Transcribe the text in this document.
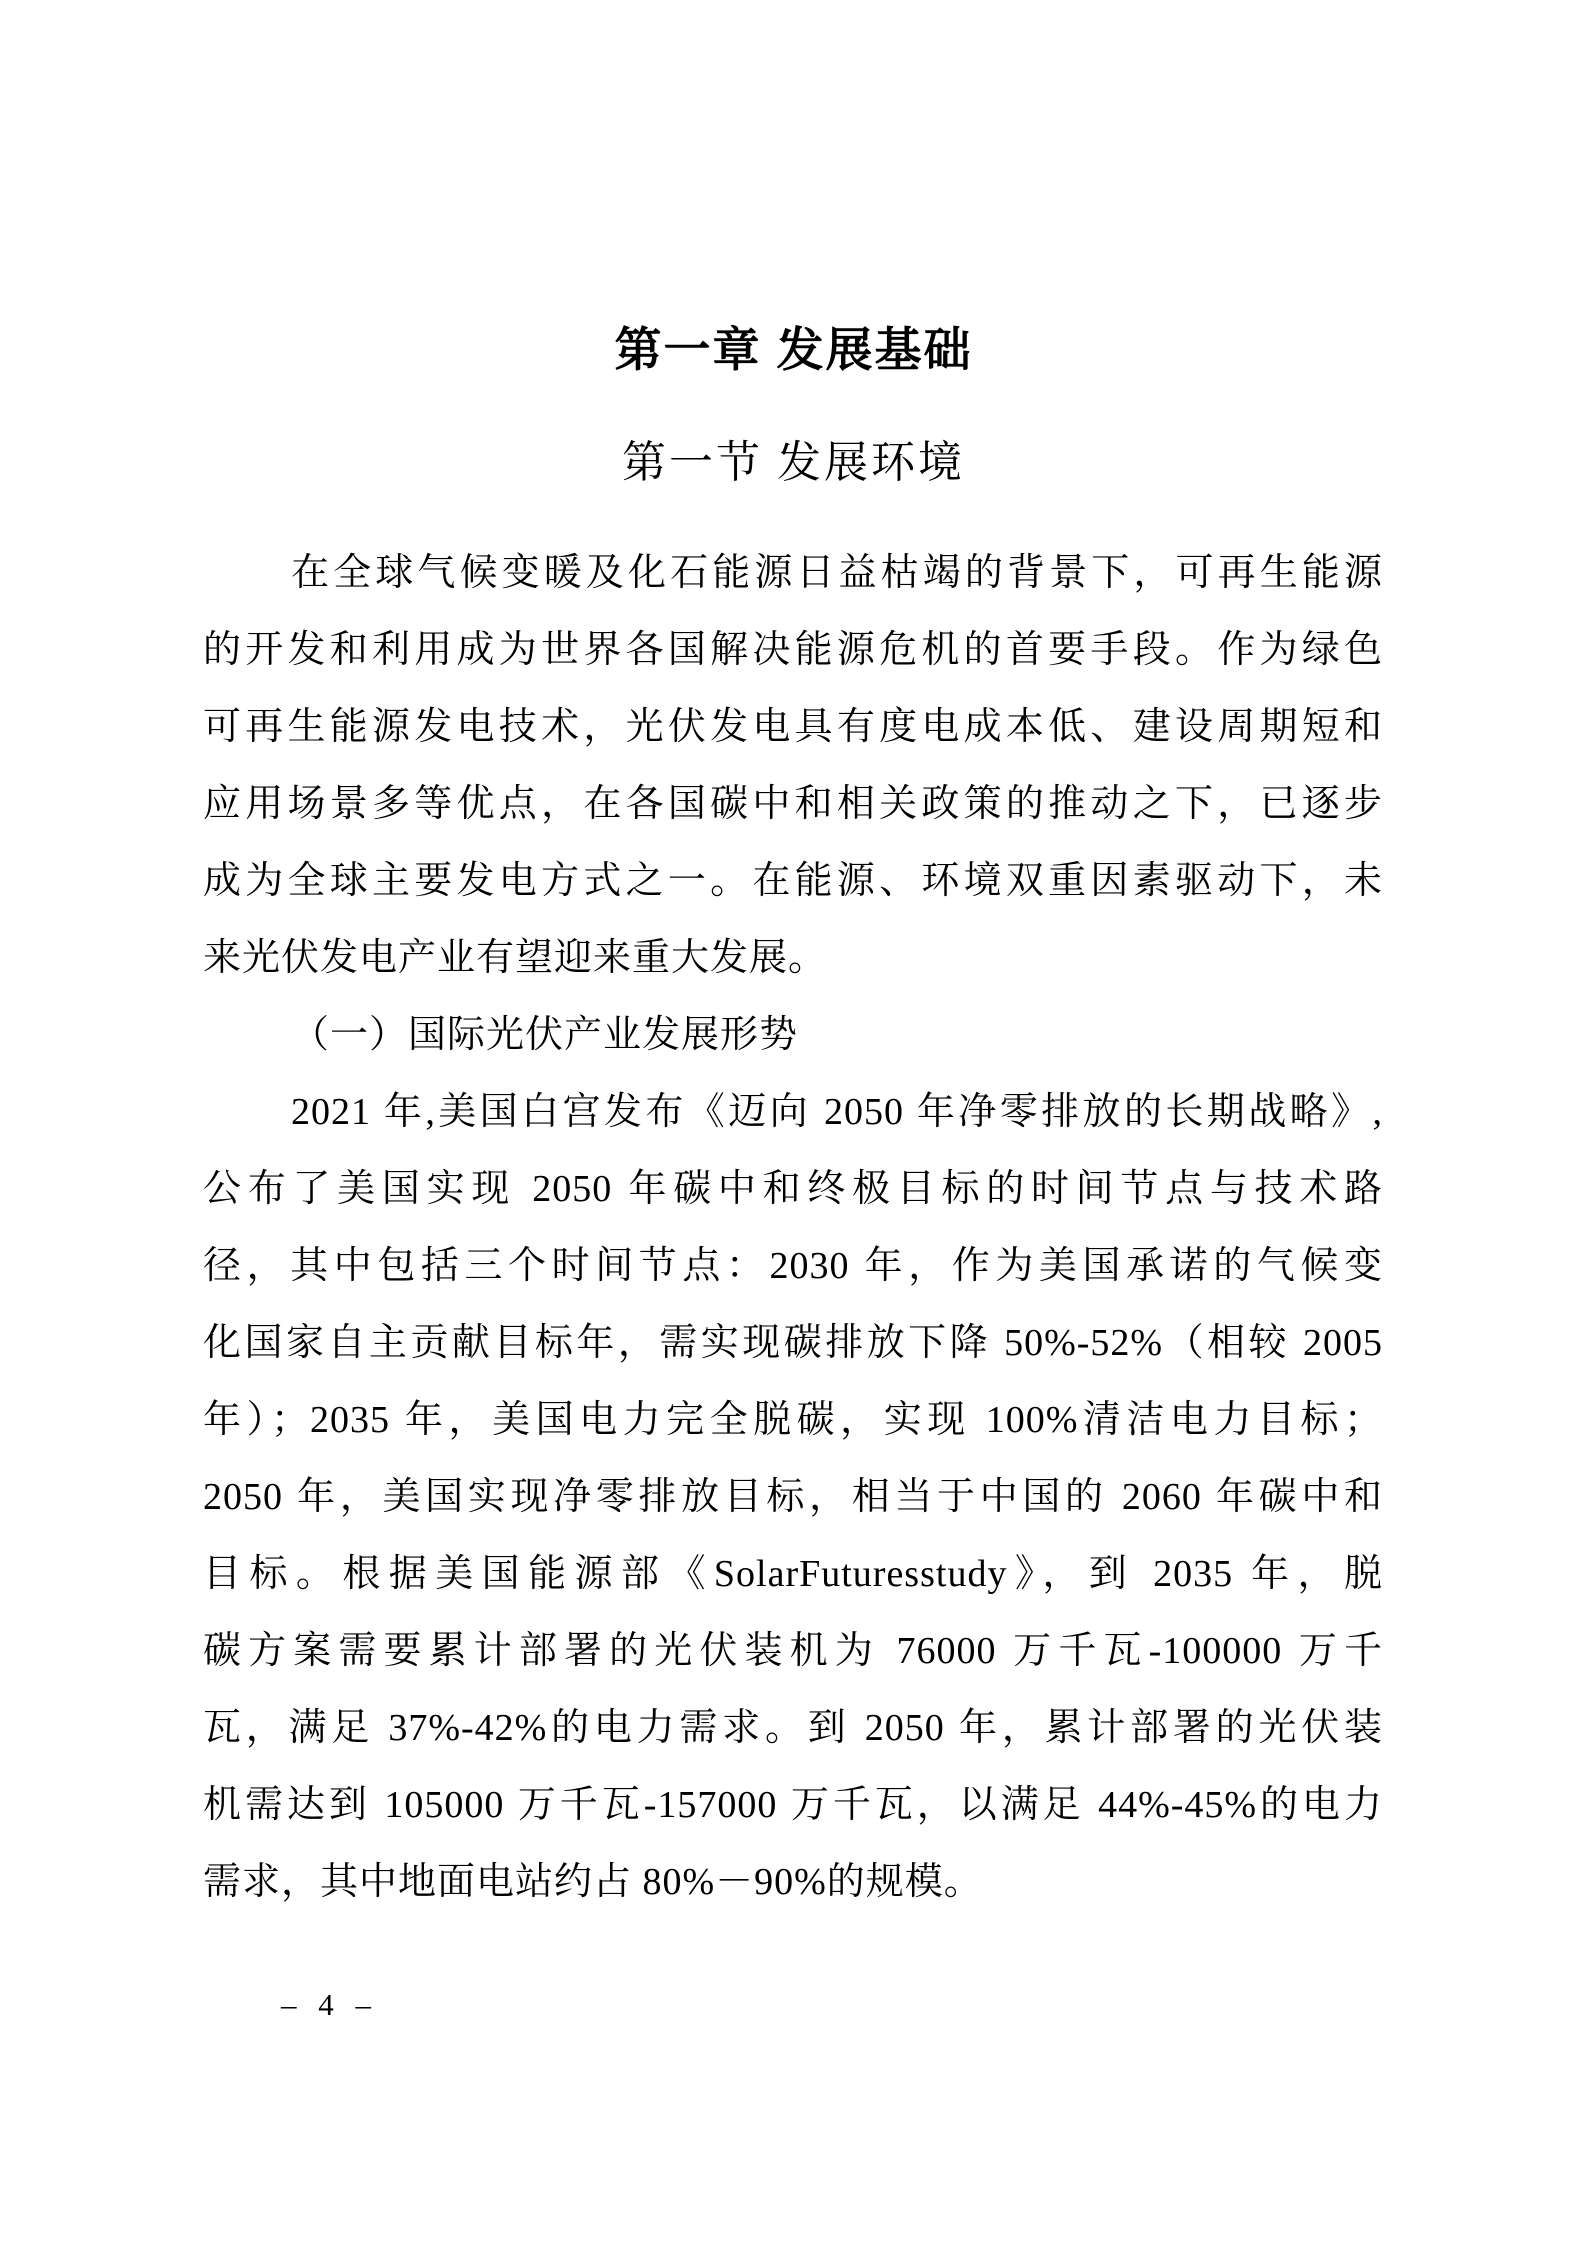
第一章 发展基础
第一节 发展环境
在全球气候变暖及化石能源日益枯竭的背景下，可再生能源
的开发和利用成为世界各国解决能源危机的首要手段。作为绿色
可再生能源发电技术，光伏发电具有度电成本低、建设周期短和
应用场景多等优点，在各国碳中和相关政策的推动之下，已逐步
成为全球主要发电方式之一。在能源、环境双重因素驱动下，未
来光伏发电产业有望迎来重大发展。
（一）国际光伏产业发展形势
2021 年,美国白宫发布《迈向 2050 年净零排放的长期战略》,
公布了美国实现 2050 年碳中和终极目标的时间节点与技术路
径，其中包括三个时间节点：2030 年，作为美国承诺的气候变
化国家自主贡献目标年，需实现碳排放下降 50%-52%（相较 2005
年）；2035 年，美国电力完全脱碳，实现 100%清洁电力目标；
2050 年，美国实现净零排放目标，相当于中国的 2060 年碳中和
目标。根据美国能源部《SolarFuturesstudy》，到 2035 年，脱
碳方案需要累计部署的光伏装机为 76000 万千瓦-100000 万千
瓦，满足 37%-42%的电力需求。到 2050 年，累计部署的光伏装
机需达到 105000 万千瓦-157000 万千瓦，以满足 44%-45%的电力
需求，其中地面电站约占 80%－90%的规模。
– 4 –
